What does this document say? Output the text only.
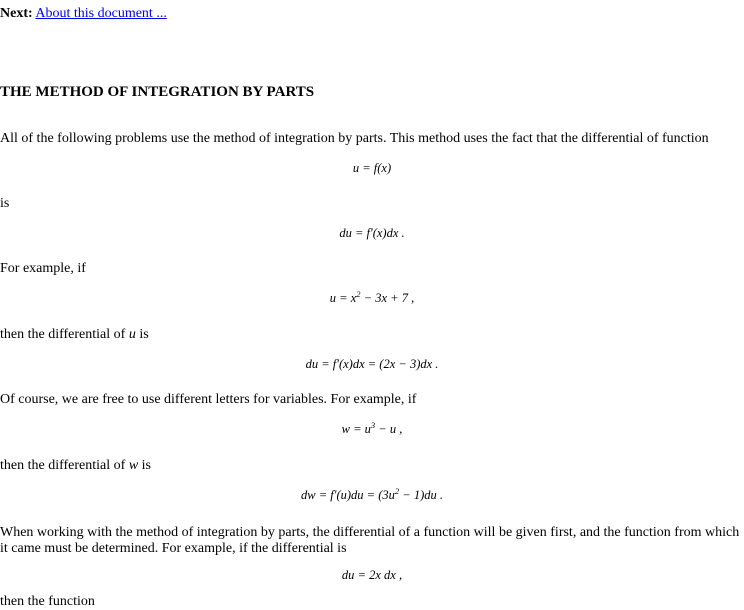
Next: About this document ...
THE METHOD OF INTEGRATION BY PARTS

All of the following problems use the method of integration by parts. This method uses the fact that the differential of function

u = f(x)

is

du = f′(x)dx .

For example, if

$u = x^2 - 3x + 7$ ,

then the differential of u is

du = f′(x)dx = (2x − 3)dx .

Of course, we are free to use different letters for variables. For example, if

$w = u^3 - u$ ,

then the differential of w is

dw = $f'(u)du = (3u^2 - 1)du$ .

When working with the method of integration by parts, the differential of a function will be given first, and the function from which it came must be determined. For example, if the differential is

du = 2x dx ,

then the function
